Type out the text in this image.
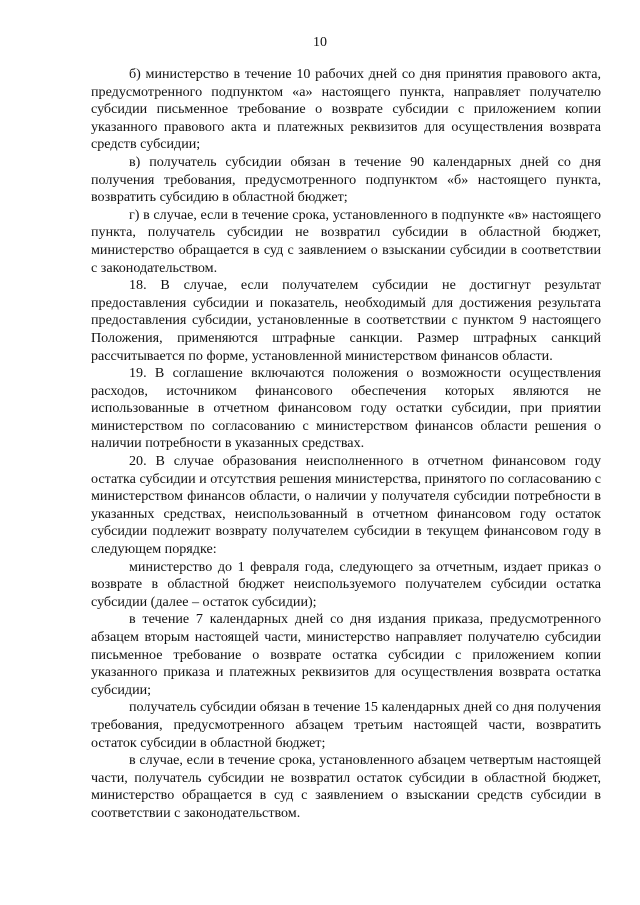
10

б) министерство в течение 10 рабочих дней со дня принятия правового акта, предусмотренного подпунктом «а» настоящего пункта, направляет получателю субсидии письменное требование о возврате субсидии с приложением копии указанного правового акта и платежных реквизитов для осуществления возврата средств субсидии;

в) получатель субсидии обязан в течение 90 календарных дней со дня получения требования, предусмотренного подпунктом «б» настоящего пункта, возвратить субсидию в областной бюджет;

г) в случае, если в течение срока, установленного в подпункте «в» настоящего пункта, получатель субсидии не возвратил субсидии в областной бюджет, министерство обращается в суд с заявлением о взыскании субсидии в соответствии с законодательством.

18. В случае, если получателем субсидии не достигнут результат предоставления субсидии и показатель, необходимый для достижения результата предоставления субсидии, установленные в соответствии с пунктом 9 настоящего Положения, применяются штрафные санкции. Размер штрафных санкций рассчитывается по форме, установленной министерством финансов области.

19. В соглашение включаются положения о возможности осуществления расходов, источником финансового обеспечения которых являются не использованные в отчетном финансовом году остатки субсидии, при приятии министерством по согласованию с министерством финансов области решения о наличии потребности в указанных средствах.

20. В случае образования неисполненного в отчетном финансовом году остатка субсидии и отсутствия решения министерства, принятого по согласованию с министерством финансов области, о наличии у получателя субсидии потребности в указанных средствах, неиспользованный в отчетном финансовом году остаток субсидии подлежит возврату получателем субсидии в текущем финансовом году в следующем порядке:

министерство до 1 февраля года, следующего за отчетным, издает приказ о возврате в областной бюджет неиспользуемого получателем субсидии остатка субсидии (далее – остаток субсидии);

в течение 7 календарных дней со дня издания приказа, предусмотренного абзацем вторым настоящей части, министерство направляет получателю субсидии письменное требование о возврате остатка субсидии с приложением копии указанного приказа и платежных реквизитов для осуществления возврата остатка субсидии;

получатель субсидии обязан в течение 15 календарных дней со дня получения требования, предусмотренного абзацем третьим настоящей части, возвратить остаток субсидии в областной бюджет;

в случае, если в течение срока, установленного абзацем четвертым настоящей части, получатель субсидии не возвратил остаток субсидии в областной бюджет, министерство обращается в суд с заявлением о взыскании средств субсидии в соответствии с законодательством.
